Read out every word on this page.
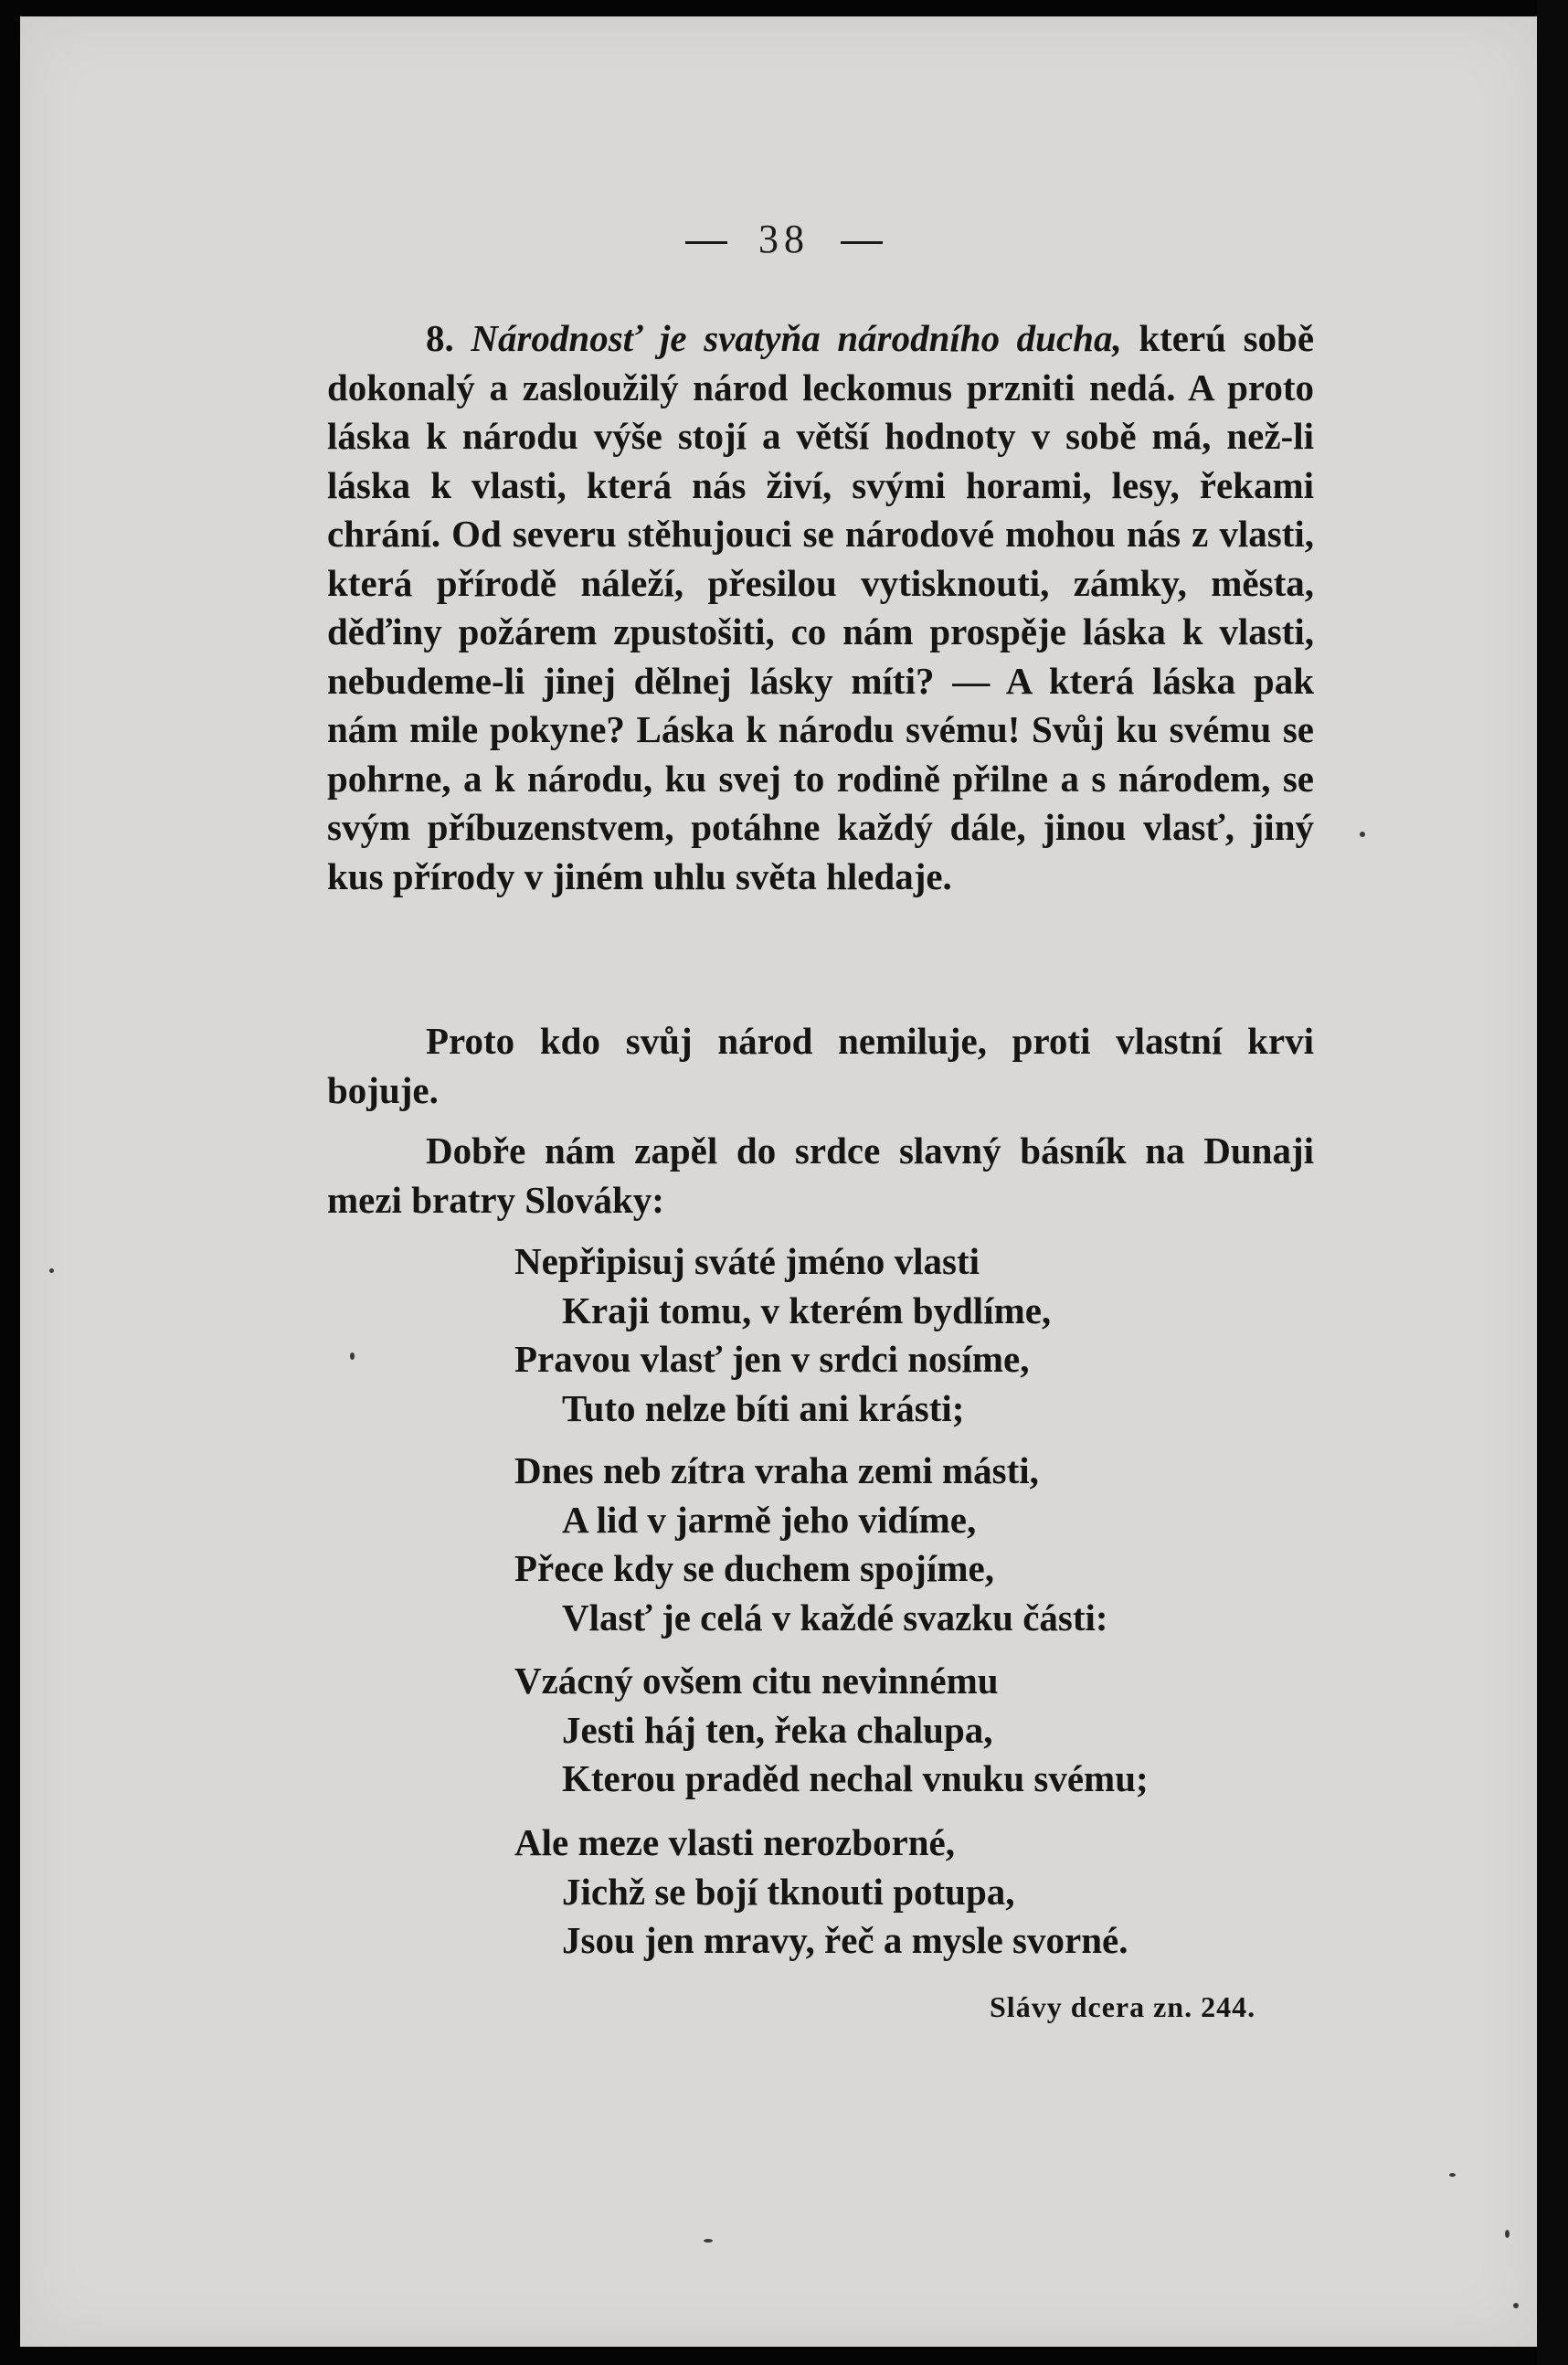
38

8. Národnosť je svatyňa národního ducha, kterú sobě dokonalý a zasloužilý národ leckomus przniti nedá. A proto láska k národu výše stojí a větší hodnoty v sobě má, než-li láska k vlasti, která nás živí, svými horami, lesy, řekami chrání. Od severu stěhujouci se národové mohou nás z vlasti, která přírodě náleží, přesilou vytisknouti, zámky, města, děďiny požárem zpustošiti, co nám prospěje láska k vlasti, nebudeme-li jinej dělnej lásky míti? — A která láska pak nám mile pokyne? Láska k národu svému! Svůj ku svému se pohrne, a k národu, ku svej to rodině přilne a s národem, se svým příbuzenstvem, potáhne každý dále, jinou vlasť, jiný kus přírody v jiném uhlu světa hledaje.

Proto kdo svůj národ nemiluje, proti vlastní krvi bojuje.

Dobře nám zapěl do srdce slavný básník na Dunaji mezi bratry Slováky:

Nepřipisuj sváté jméno vlasti
Kraji tomu, v kterém bydlíme,
Pravou vlasť jen v srdci nosíme,
Tuto nelze bíti ani krásti;
Dnes neb zítra vraha zemi másti,
A lid v jarmě jeho vidíme,
Přece kdy se duchem spojíme,
Vlasť je celá v každé svazku části:
Vzácný ovšem citu nevinnému
Jesti háj ten, řeka chalupa,
Kterou praděd nechal vnuku svému;
Ale meze vlasti nerozborné,
Jichž se bojí tknouti potupa,
Jsou jen mravy, řeč a mysle svorné.
Slávy dcera zn. 244.
